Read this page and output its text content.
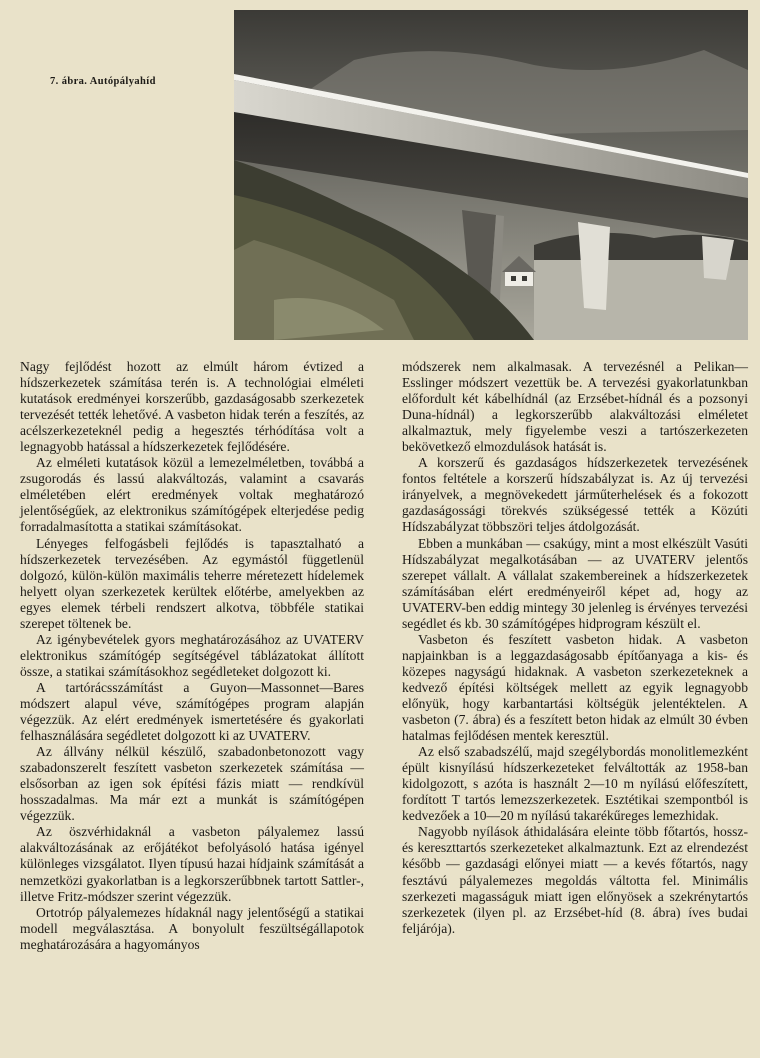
7. ábra. Autópályahíd

Nagy fejlődést hozott az elmúlt három évtized a hídszerkezetek számítása terén is. A technológiai elméleti kutatások eredményei korszerűbb, gazdaságosabb szerkezetek tervezését tették lehetővé. A vasbeton hidak terén a feszítés, az acélszerkezeteknél pedig a hegesztés térhódítása volt a legnagyobb hatással a hídszerkezetek fejlődésére.

Az elméleti kutatások közül a lemezelméletben, továbbá a zsugorodás és lassú alakváltozás, valamint a csavarás elméletében elért eredmények voltak meghatározó jelentőségűek, az elektronikus számítógépek elterjedése pedig forradalmasította a statikai számításokat.

Lényeges felfogásbeli fejlődés is tapasztalható a hídszerkezetek tervezésében. Az egymástól függetlenül dolgozó, külön-külön maximális teherre méretezett hídelemek helyett olyan szerkezetek kerültek előtérbe, amelyekben az egyes elemek térbeli rendszert alkotva, többféle statikai szerepet töltenek be.

Az igénybevételek gyors meghatározásához az UVATERV elektronikus számítógép segítségével táblázatokat állított össze, a statikai számításokhoz segédleteket dolgozott ki.

A tartórácsszámítást a Guyon—Massonnet—Bares módszert alapul véve, számítógépes program alapján végezzük. Az elért eredmények ismertetésére és gyakorlati felhasználására segédletet dolgozott ki az UVATERV.

Az állvány nélkül készülő, szabadonbetonozott vagy szabadonszerelt feszített vasbeton szerkezetek számítása — elsősorban az igen sok építési fázis miatt — rendkívül hosszadalmas. Ma már ezt a munkát is számítógépen végezzük.

Az öszvérhidaknál a vasbeton pályalemez lassú alakváltozásának az erőjátékot befolyásoló hatása igényel különleges vizsgálatot. Ilyen típusú hazai hídjaink számítását a nemzetközi gyakorlatban is a legkorszerűbbnek tartott Sattler-, illetve Fritz-módszer szerint végezzük.

Ortotróp pályalemezes hídaknál nagy jelentőségű a statikai modell megválasztása. A bonyolult feszültségállapotok meghatározására a hagyományos

módszerek nem alkalmasak. A tervezésnél a Pelikan—Esslinger módszert vezettük be. A tervezési gyakorlatunkban előfordult két kábelhídnál (az Erzsébet-hídnál és a pozsonyi Duna-hídnál) a legkorszerűbb alakváltozási elméletet alkalmaztuk, mely figyelembe veszi a tartószerkezeten bekövetkező elmozdulások hatását is.

A korszerű és gazdaságos hídszerkezetek tervezésének fontos feltétele a korszerű hídszabályzat is. Az új tervezési irányelvek, a megnövekedett járműterhelések és a fokozott gazdaságossági törekvés szükségessé tették a Közúti Hídszabályzat többszöri teljes átdolgozását.

Ebben a munkában — csakúgy, mint a most elkészült Vasúti Hídszabályzat megalkotásában — az UVATERV jelentős szerepet vállalt. A vállalat szakembereinek a hídszerkezetek számításában elért eredményeiről képet ad, hogy az UVATERV-ben eddig mintegy 30 jelenleg is érvényes tervezési segédlet és kb. 30 számítógépes hidprogram készült el.

Vasbeton és feszített vasbeton hidak. A vasbeton napjainkban is a leggazdaságosabb építőanyaga a kis- és közepes nagyságú hidaknak. A vasbeton szerkezeteknek a kedvező építési költségek mellett az egyik legnagyobb előnyük, hogy karbantartási költségük jelentéktelen. A vasbeton (7. ábra) és a feszített beton hidak az elmúlt 30 évben hatalmas fejlődésen mentek keresztül.

Az első szabadszélű, majd szegélybordás monolitlemezként épült kisnyílású hídszerkezeteket felváltották az 1958-ban kidolgozott, s azóta is használt 2—10 m nyílású előfeszített, fordított T tartós lemezszerkezetek. Esztétikai szempontból is kedvezőek a 10—20 m nyílású takarékűreges lemezhidak.

Nagyobb nyílások áthidalására eleinte több főtartós, hossz- és kereszttartós szerkezeteket alkalmaztunk. Ezt az elrendezést később — gazdasági előnyei miatt — a kevés főtartós, nagy fesztávú pályalemezes megoldás váltotta fel. Minimális szerkezeti magasságuk miatt igen előnyösek a szekrénytartós szerkezetek (ilyen pl. az Erzsébet-híd (8. ábra) íves budai feljárója).
